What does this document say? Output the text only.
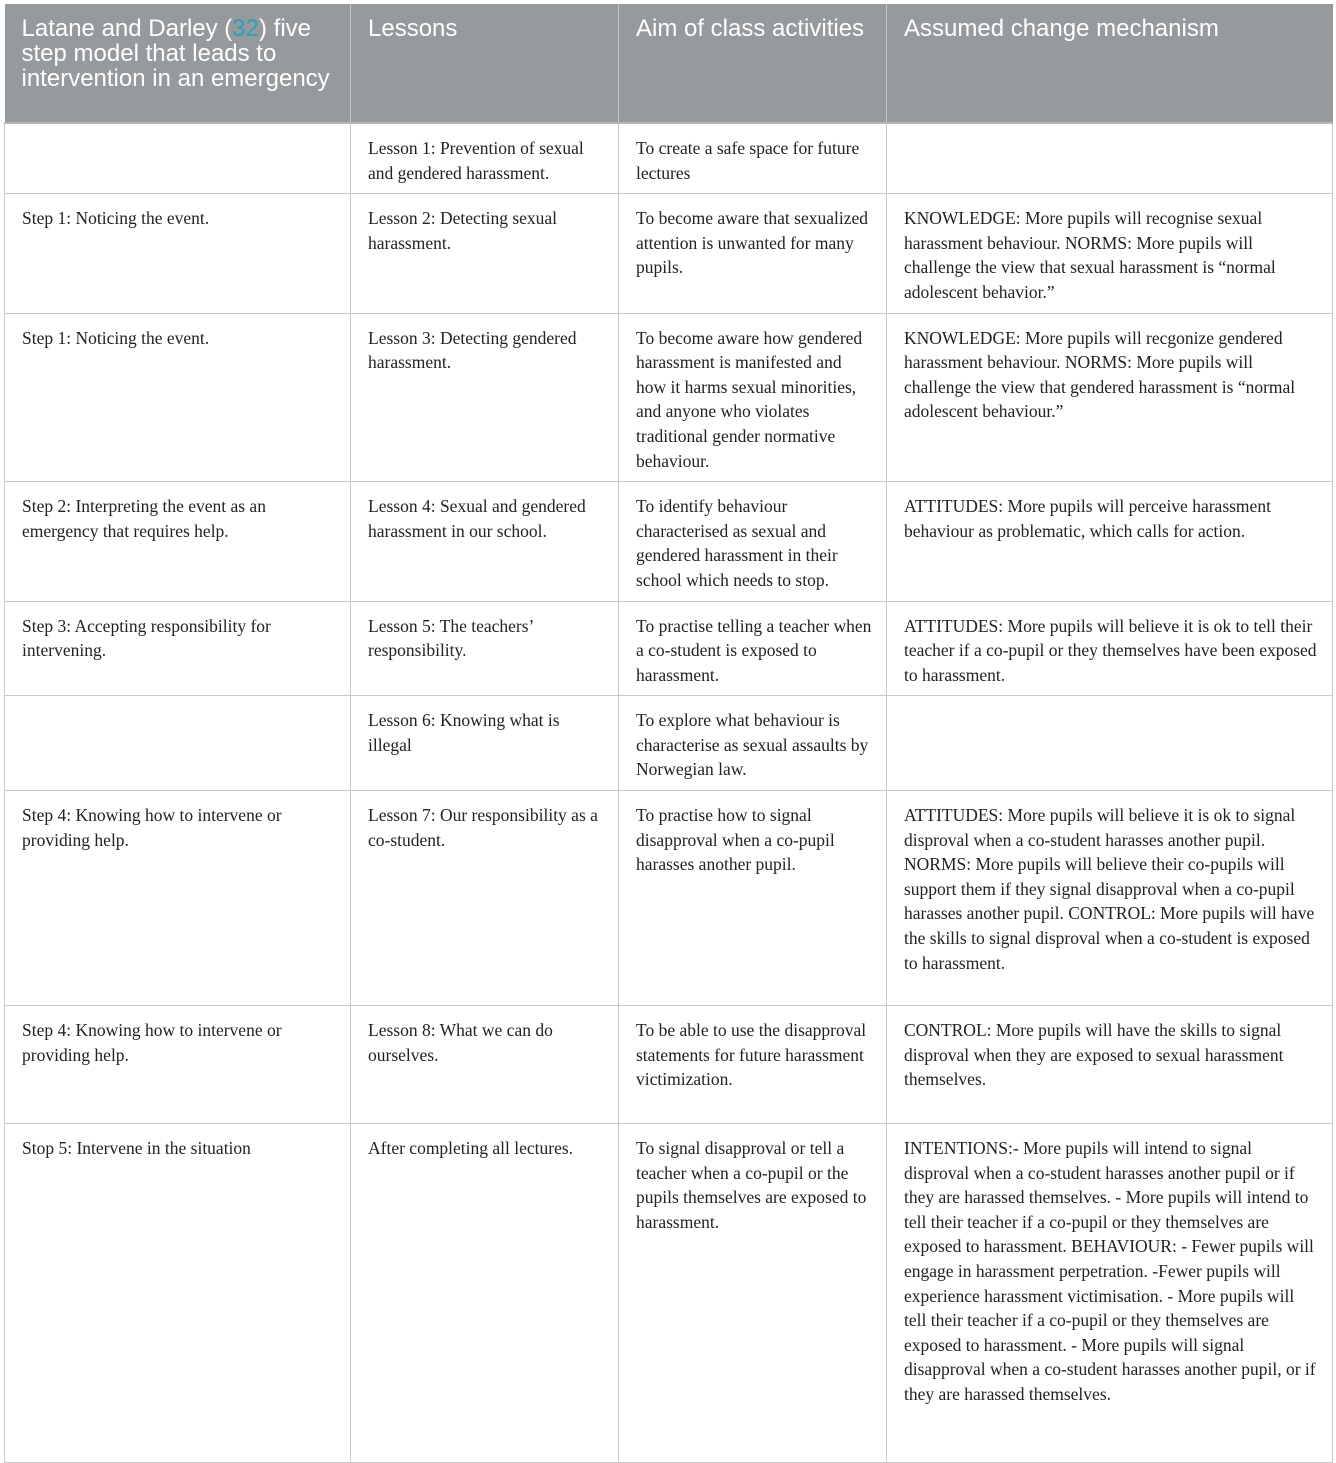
Latane and Darley (32) five step model that leads to intervention in an emergency	Lessons	Aim of class activities	Assumed change mechanism
	Lesson 1: Prevention of sexual and gendered harassment.	To create a safe space for future lectures	
Step 1: Noticing the event.	Lesson 2: Detecting sexual harassment.	To become aware that sexualized attention is unwanted for many pupils.	KNOWLEDGE: More pupils will recognise sexual harassment behaviour. NORMS: More pupils will challenge the view that sexual harassment is “normal adolescent behavior.”
Step 1: Noticing the event.	Lesson 3: Detecting gendered harassment.	To become aware how gendered harassment is manifested and how it harms sexual minorities, and anyone who violates traditional gender normative behaviour.	KNOWLEDGE: More pupils will recgonize gendered harassment behaviour. NORMS: More pupils will challenge the view that gendered harassment is “normal adolescent behaviour.”
Step 2: Interpreting the event as an emergency that requires help.	Lesson 4: Sexual and gendered harassment in our school.	To identify behaviour characterised as sexual and gendered harassment in their school which needs to stop.	ATTITUDES: More pupils will perceive harassment behaviour as problematic, which calls for action.
Step 3: Accepting responsibility for intervening.	Lesson 5: The teachers’ responsibility.	To practise telling a teacher when a co-student is exposed to harassment.	ATTITUDES: More pupils will believe it is ok to tell their teacher if a co-pupil or they themselves have been exposed to harassment.
	Lesson 6: Knowing what is illegal	To explore what behaviour is characterise as sexual assaults by Norwegian law.	
Step 4: Knowing how to intervene or providing help.	Lesson 7: Our responsibility as a co-student.	To practise how to signal disapproval when a co-pupil harasses another pupil.	ATTITUDES: More pupils will believe it is ok to signal disproval when a co-student harasses another pupil. NORMS: More pupils will believe their co-pupils will support them if they signal disapproval when a co-pupil harasses another pupil. CONTROL: More pupils will have the skills to signal disproval when a co-student is exposed to harassment.
Step 4: Knowing how to intervene or providing help.	Lesson 8: What we can do ourselves.	To be able to use the disapproval statements for future harassment victimization.	CONTROL: More pupils will have the skills to signal disproval when they are exposed to sexual harassment themselves.
Stop 5: Intervene in the situation	After completing all lectures.	To signal disapproval or tell a teacher when a co-pupil or the pupils themselves are exposed to harassment.	INTENTIONS:- More pupils will intend to signal disproval when a co-student harasses another pupil or if they are harassed themselves. - More pupils will intend to tell their teacher if a co-pupil or they themselves are exposed to harassment. BEHAVIOUR: - Fewer pupils will engage in harassment perpetration. -Fewer pupils will experience harassment victimisation. - More pupils will tell their teacher if a co-pupil or they themselves are exposed to harassment. - More pupils will signal disapproval when a co-student harasses another pupil, or if they are harassed themselves.
